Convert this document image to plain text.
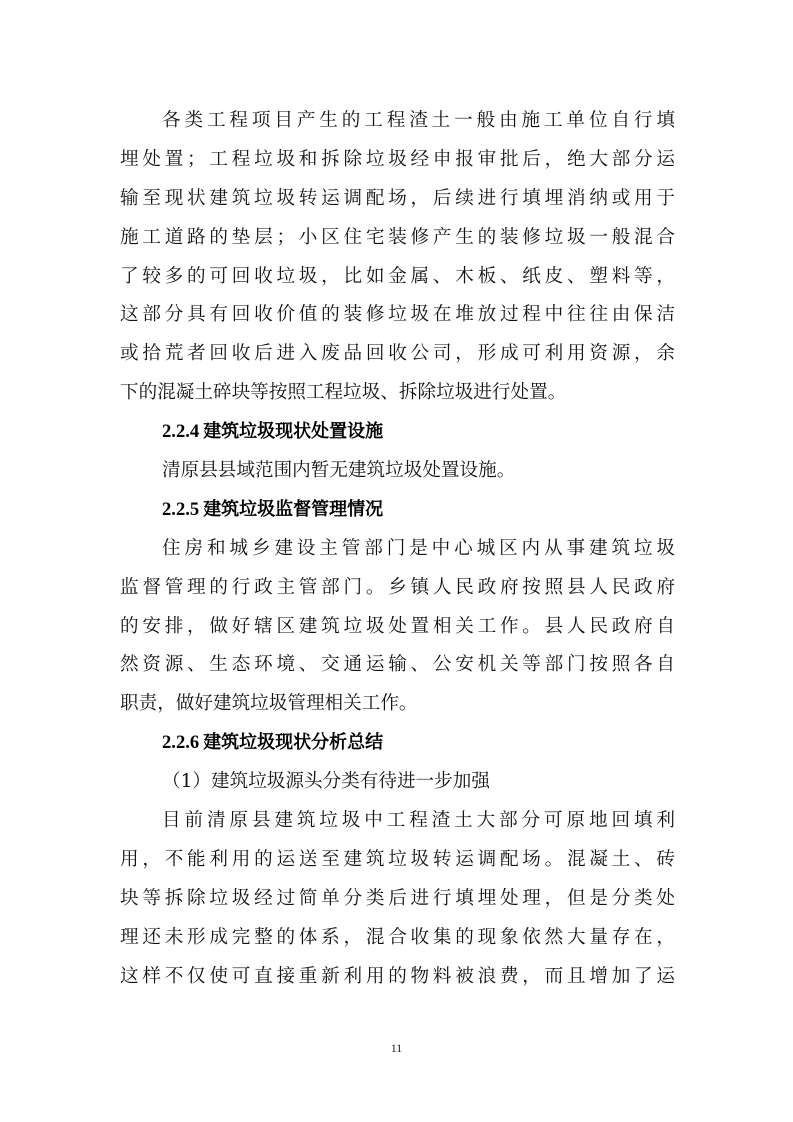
各类工程项目产生的工程渣土一般由施工单位自行填
埋处置；工程垃圾和拆除垃圾经申报审批后，绝大部分运
输至现状建筑垃圾转运调配场，后续进行填埋消纳或用于
施工道路的垫层；小区住宅装修产生的装修垃圾一般混合
了较多的可回收垃圾，比如金属、木板、纸皮、塑料等，
这部分具有回收价值的装修垃圾在堆放过程中往往由保洁
或拾荒者回收后进入废品回收公司，形成可利用资源，余
下的混凝土碎块等按照工程垃圾、拆除垃圾进行处置。
2.2.4 建筑垃圾现状处置设施
清原县县域范围内暂无建筑垃圾处置设施。
2.2.5 建筑垃圾监督管理情况
住房和城乡建设主管部门是中心城区内从事建筑垃圾
监督管理的行政主管部门。乡镇人民政府按照县人民政府
的安排，做好辖区建筑垃圾处置相关工作。县人民政府自
然资源、生态环境、交通运输、公安机关等部门按照各自
职责，做好建筑垃圾管理相关工作。
2.2.6 建筑垃圾现状分析总结
（1）建筑垃圾源头分类有待进一步加强
目前清原县建筑垃圾中工程渣土大部分可原地回填利
用，不能利用的运送至建筑垃圾转运调配场。混凝土、砖
块等拆除垃圾经过简单分类后进行填埋处理，但是分类处
理还未形成完整的体系，混合收集的现象依然大量存在，
这样不仅使可直接重新利用的物料被浪费，而且增加了运
11
